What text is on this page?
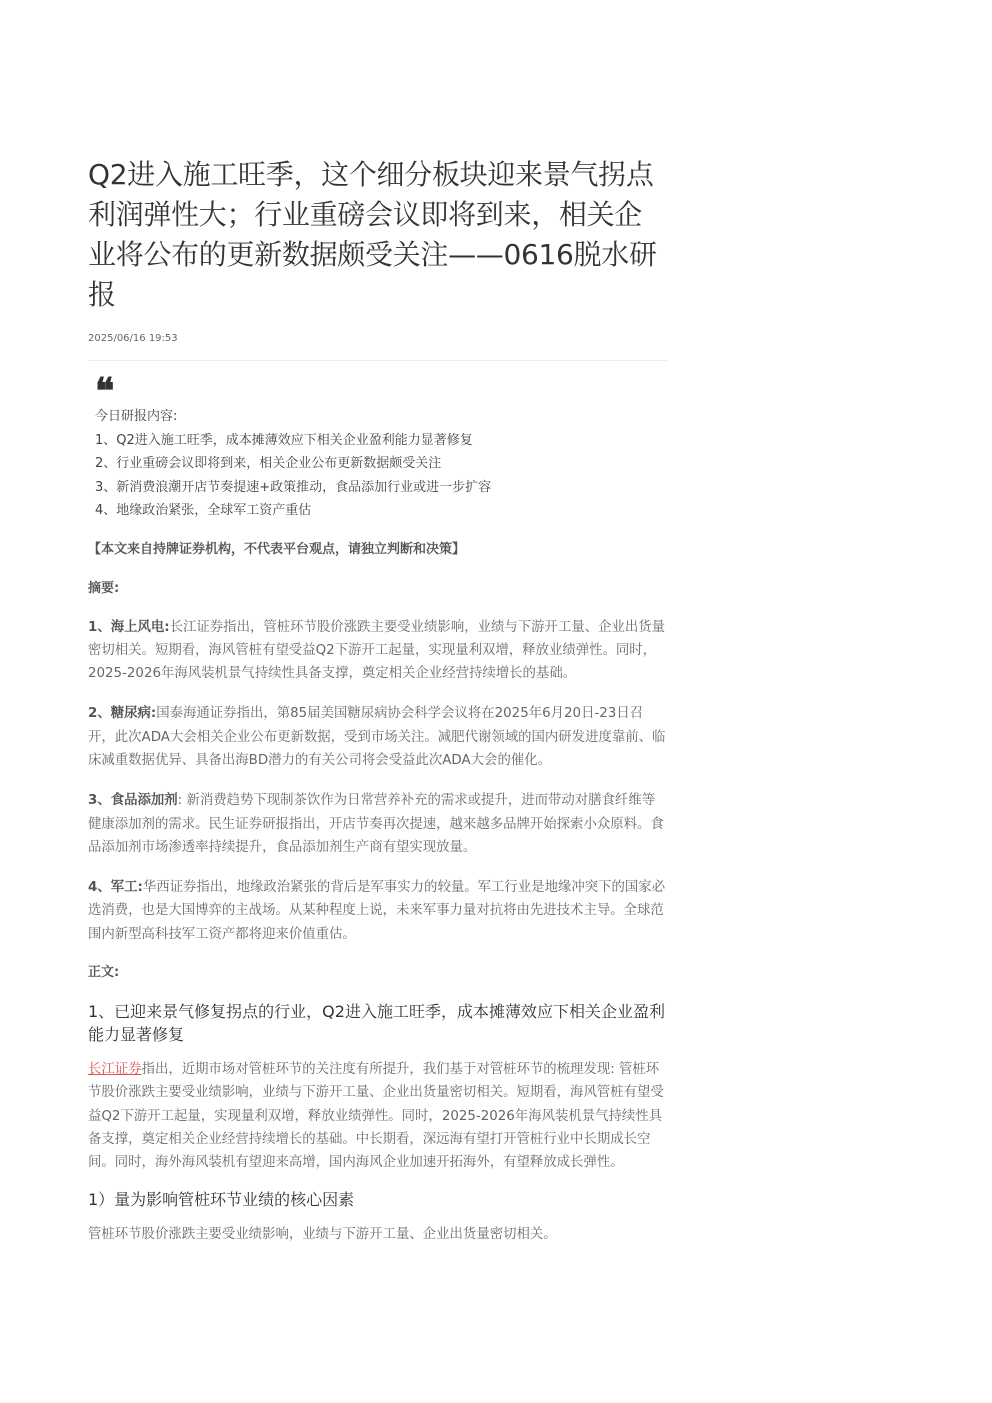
Q2进入施工旺季，这个细分板块迎来景气拐点利润弹性大；行业重磅会议即将到来，相关企业将公布的更新数据颇受关注——0616脱水研报
2025/06/16 19:53
❝
今日研报内容:
1、Q2进入施工旺季，成本摊薄效应下相关企业盈利能力显著修复
2、行业重磅会议即将到来，相关企业公布更新数据颇受关注
3、新消费浪潮开店节奏提速+政策推动，食品添加行业或进一步扩容
4、地缘政治紧张，全球军工资产重估
【本文来自持牌证券机构，不代表平台观点，请独立判断和决策】
摘要:
1、海上风电:长江证券指出，管桩环节股价涨跌主要受业绩影响，业绩与下游开工量、企业出货量密切相关。短期看，海风管桩有望受益Q2下游开工起量，实现量利双增，释放业绩弹性。同时，2025-2026年海风装机景气持续性具备支撑，奠定相关企业经营持续增长的基础。
2、糖尿病:国泰海通证券指出，第85届美国糖尿病协会科学会议将在2025年6月20日-23日召开，此次ADA大会相关企业公布更新数据，受到市场关注。减肥代谢领域的国内研发进度靠前、临床减重数据优异、具备出海BD潜力的有关公司将会受益此次ADA大会的催化。
3、食品添加剂: 新消费趋势下现制茶饮作为日常营养补充的需求或提升，进而带动对膳食纤维等健康添加剂的需求。民生证券研报指出，开店节奏再次提速，越来越多品牌开始探索小众原料。食品添加剂市场渗透率持续提升，食品添加剂生产商有望实现放量。
4、军工:华西证券指出，地缘政治紧张的背后是军事实力的较量。军工行业是地缘冲突下的国家必选消费，也是大国博弈的主战场。从某种程度上说，未来军事力量对抗将由先进技术主导。全球范围内新型高科技军工资产都将迎来价值重估。
正文:
1、已迎来景气修复拐点的行业，Q2进入施工旺季，成本摊薄效应下相关企业盈利能力显著修复
长江证券指出，近期市场对管桩环节的关注度有所提升，我们基于对管桩环节的梳理发现: 管桩环节股价涨跌主要受业绩影响，业绩与下游开工量、企业出货量密切相关。短期看，海风管桩有望受益Q2下游开工起量，实现量利双增，释放业绩弹性。同时，2025-2026年海风装机景气持续性具备支撑，奠定相关企业经营持续增长的基础。中长期看，深远海有望打开管桩行业中长期成长空间。同时，海外海风装机有望迎来高增，国内海风企业加速开拓海外，有望释放成长弹性。
1）量为影响管桩环节业绩的核心因素
管桩环节股价涨跌主要受业绩影响，业绩与下游开工量、企业出货量密切相关。
